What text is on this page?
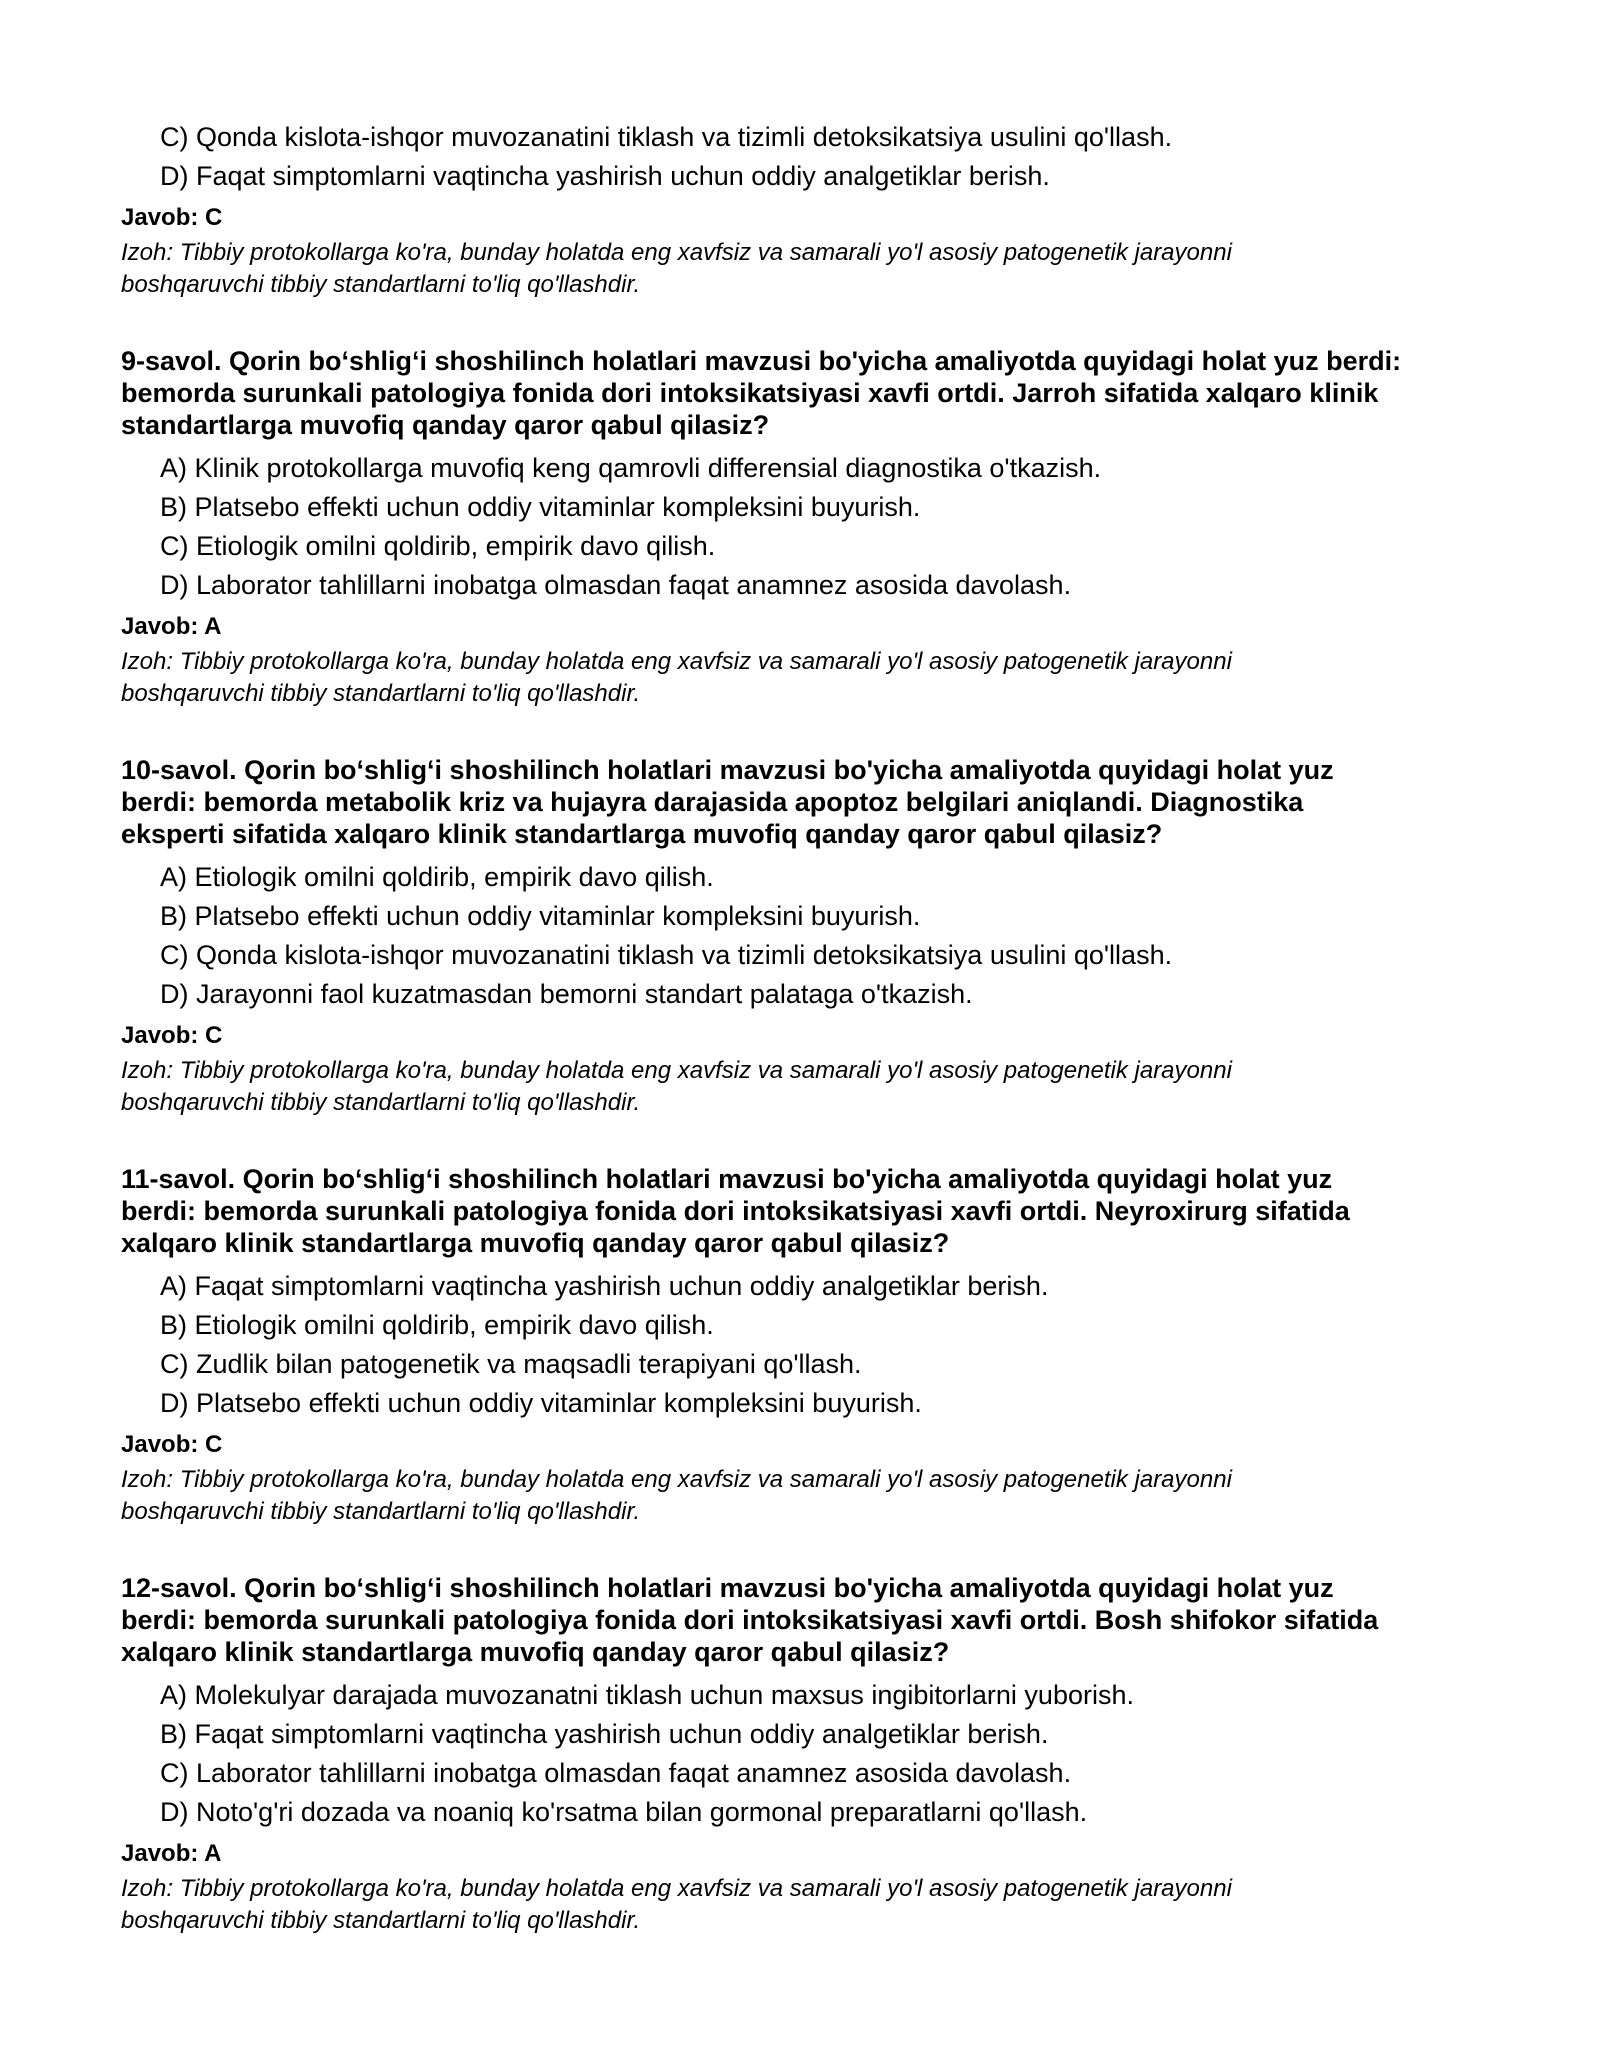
C) Qonda kislota-ishqor muvozanatini tiklash va tizimli detoksikatsiya usulini qo'llash.
D) Faqat simptomlarni vaqtincha yashirish uchun oddiy analgetiklar berish.
Javob: C
Izoh: Tibbiy protokollarga ko'ra, bunday holatda eng xavfsiz va samarali yo'l asosiy patogenetik jarayonni
boshqaruvchi tibbiy standartlarni to'liq qo'llashdir.
9-savol. Qorin bo‘shlig‘i shoshilinch holatlari mavzusi bo'yicha amaliyotda quyidagi holat yuz berdi:
bemorda surunkali patologiya fonida dori intoksikatsiyasi xavfi ortdi. Jarroh sifatida xalqaro klinik
standartlarga muvofiq qanday qaror qabul qilasiz?
A) Klinik protokollarga muvofiq keng qamrovli differensial diagnostika o'tkazish.
B) Platsebo effekti uchun oddiy vitaminlar kompleksini buyurish.
C) Etiologik omilni qoldirib, empirik davo qilish.
D) Laborator tahlillarni inobatga olmasdan faqat anamnez asosida davolash.
Javob: A
Izoh: Tibbiy protokollarga ko'ra, bunday holatda eng xavfsiz va samarali yo'l asosiy patogenetik jarayonni
boshqaruvchi tibbiy standartlarni to'liq qo'llashdir.
10-savol. Qorin bo‘shlig‘i shoshilinch holatlari mavzusi bo'yicha amaliyotda quyidagi holat yuz
berdi: bemorda metabolik kriz va hujayra darajasida apoptoz belgilari aniqlandi. Diagnostika
eksperti sifatida xalqaro klinik standartlarga muvofiq qanday qaror qabul qilasiz?
A) Etiologik omilni qoldirib, empirik davo qilish.
B) Platsebo effekti uchun oddiy vitaminlar kompleksini buyurish.
C) Qonda kislota-ishqor muvozanatini tiklash va tizimli detoksikatsiya usulini qo'llash.
D) Jarayonni faol kuzatmasdan bemorni standart palataga o'tkazish.
Javob: C
Izoh: Tibbiy protokollarga ko'ra, bunday holatda eng xavfsiz va samarali yo'l asosiy patogenetik jarayonni
boshqaruvchi tibbiy standartlarni to'liq qo'llashdir.
11-savol. Qorin bo‘shlig‘i shoshilinch holatlari mavzusi bo'yicha amaliyotda quyidagi holat yuz
berdi: bemorda surunkali patologiya fonida dori intoksikatsiyasi xavfi ortdi. Neyroxirurg sifatida
xalqaro klinik standartlarga muvofiq qanday qaror qabul qilasiz?
A) Faqat simptomlarni vaqtincha yashirish uchun oddiy analgetiklar berish.
B) Etiologik omilni qoldirib, empirik davo qilish.
C) Zudlik bilan patogenetik va maqsadli terapiyani qo'llash.
D) Platsebo effekti uchun oddiy vitaminlar kompleksini buyurish.
Javob: C
Izoh: Tibbiy protokollarga ko'ra, bunday holatda eng xavfsiz va samarali yo'l asosiy patogenetik jarayonni
boshqaruvchi tibbiy standartlarni to'liq qo'llashdir.
12-savol. Qorin bo‘shlig‘i shoshilinch holatlari mavzusi bo'yicha amaliyotda quyidagi holat yuz
berdi: bemorda surunkali patologiya fonida dori intoksikatsiyasi xavfi ortdi. Bosh shifokor sifatida
xalqaro klinik standartlarga muvofiq qanday qaror qabul qilasiz?
A) Molekulyar darajada muvozanatni tiklash uchun maxsus ingibitorlarni yuborish.
B) Faqat simptomlarni vaqtincha yashirish uchun oddiy analgetiklar berish.
C) Laborator tahlillarni inobatga olmasdan faqat anamnez asosida davolash.
D) Noto'g'ri dozada va noaniq ko'rsatma bilan gormonal preparatlarni qo'llash.
Javob: A
Izoh: Tibbiy protokollarga ko'ra, bunday holatda eng xavfsiz va samarali yo'l asosiy patogenetik jarayonni
boshqaruvchi tibbiy standartlarni to'liq qo'llashdir.
